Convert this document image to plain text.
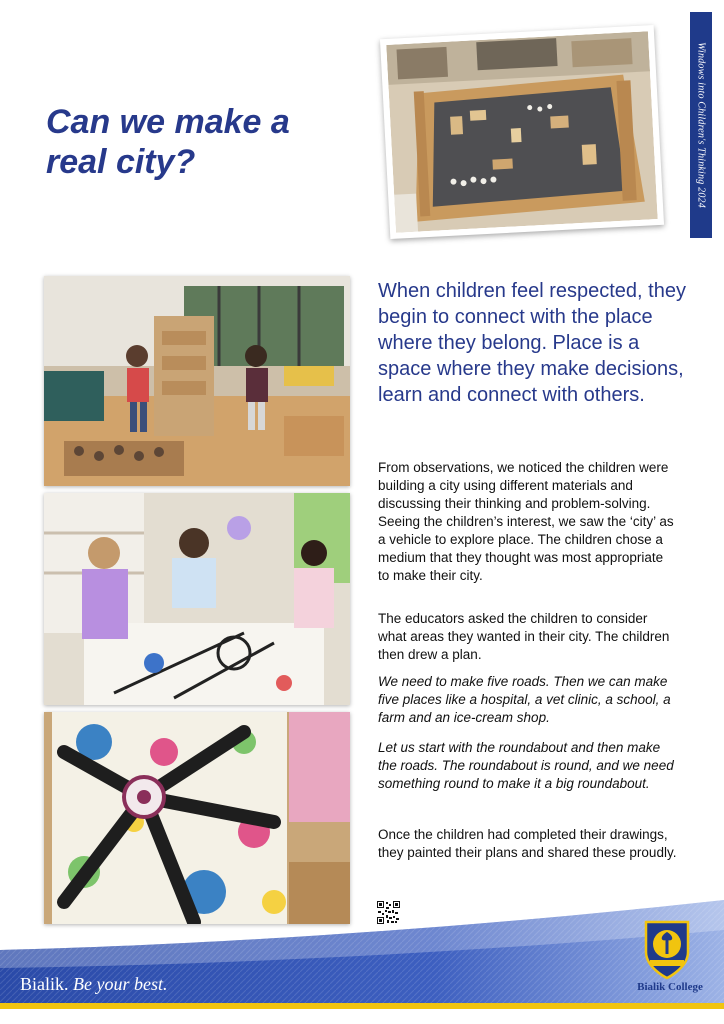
Windows into Children's Thinking 2024
Can we make a real city?

When children feel respected, they begin to connect with the place where they belong. Place is a space where they make decisions, learn and connect with others.

From observations, we noticed the children were building a city using different materials and discussing their thinking and problem-solving. Seeing the children’s interest, we saw the ‘city’ as a vehicle to explore place. The children chose a medium that they thought was most appropriate to make their city.

The educators asked the children to consider what areas they wanted in their city. The children then drew a plan.

We need to make five roads. Then we can make five places like a hospital, a vet clinic, a school, a farm and an ice-cream shop.

Let us start with the roundabout and then make the roads. The roundabout is round, and we need something round to make it a big roundabout.

Once the children had completed their drawings, they painted their plans and shared these proudly.

Bialik. Be your best.	Bialik College
